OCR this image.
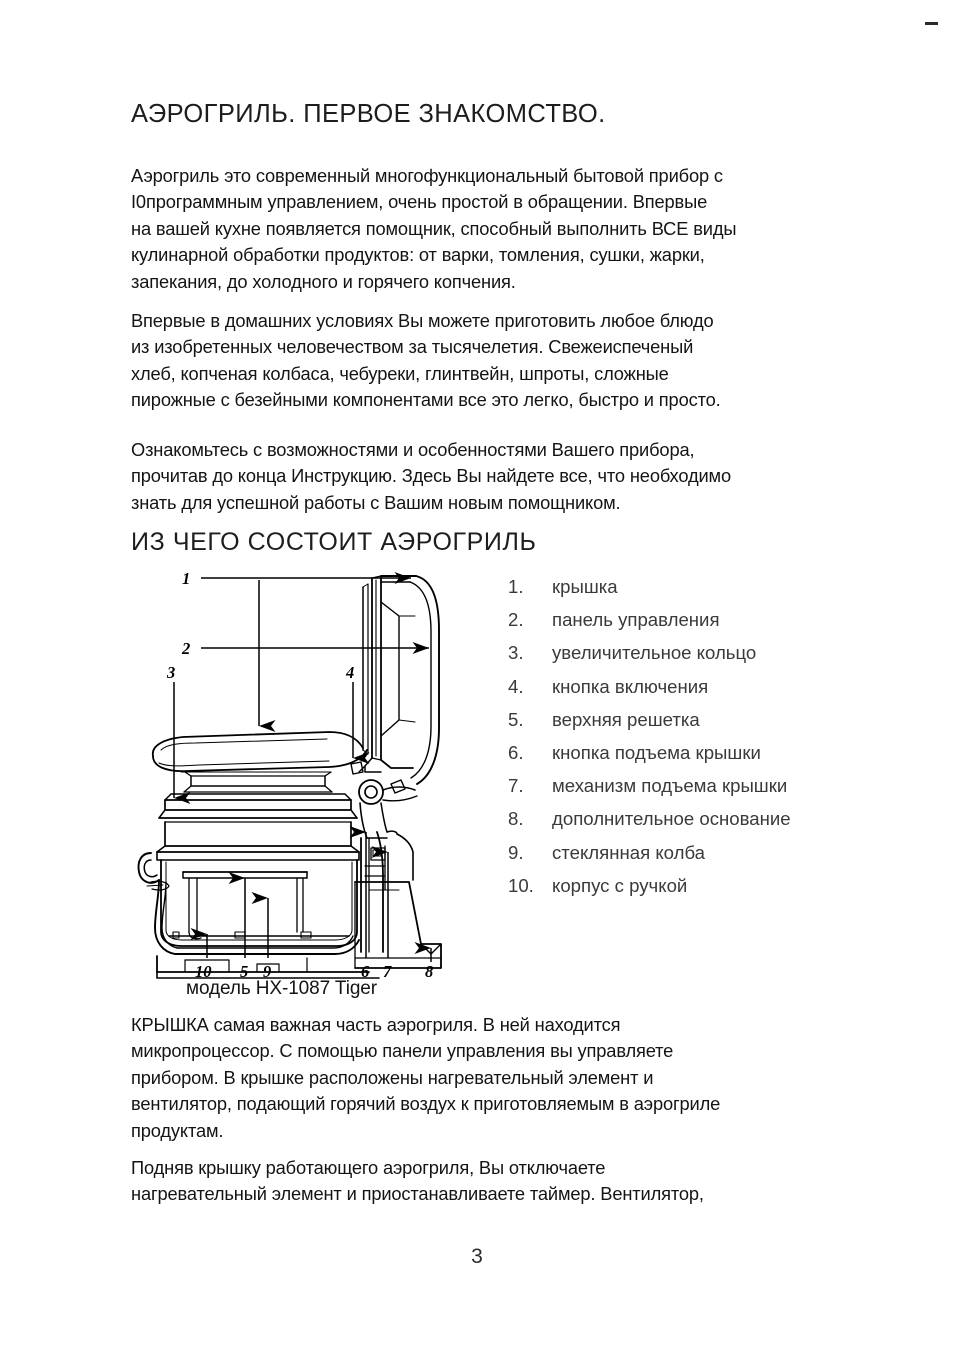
АЭРОГРИЛЬ. ПЕРВОЕ ЗНАКОМСТВО.

Аэрогриль это современный многофункциональный бытовой прибор с
I0программным управлением, очень простой в обращении. Впервые
на вашей кухне появляется помощник, способный выполнить ВСЕ виды
кулинарной обработки продуктов: от варки, томления, сушки, жарки,
запекания, до холодного и горячего копчения.

Впервые в домашних условиях Вы можете приготовить любое блюдо
из изобретенных человечеством за тысячелетия. Свежеиспеченый
хлеб, копченая колбаса, чебуреки, глинтвейн, шпроты, сложные
пирожные с безейными компонентами все это легко, быстро и просто.

Ознакомьтесь с возможностями и особенностями Вашего прибора,
прочитав до конца Инструкцию. Здесь Вы найдете все, что необходимо
знать для успешной работы с Вашим новым помощником.

ИЗ ЧЕГО СОСТОИТ АЭРОГРИЛЬ

КРЫШКА самая важная часть аэрогриля. В ней находится
микропроцессор. С помощью панели управления вы управляете
прибором. В крышке расположены нагревательный элемент и
вентилятор, подающий горячий воздух к приготовляемым в аэрогриле
продуктам.

Подняв крышку работающего аэрогриля, Вы отключаете
нагревательный элемент и приостанавливаете таймер. Вентилятор,

1
2
3	4
10 5 9	6 7 8
модель HX-1087 Tiger
1.	крышка
2.	панель управления
3.	увеличительное кольцо
4.	кнопка включения
5.	верхняя решетка
6.	кнопка подъема крышки
7.	механизм подъема крышки
8.	дополнительное основание
9.	стеклянная колба
10. корпус с ручкой
3
